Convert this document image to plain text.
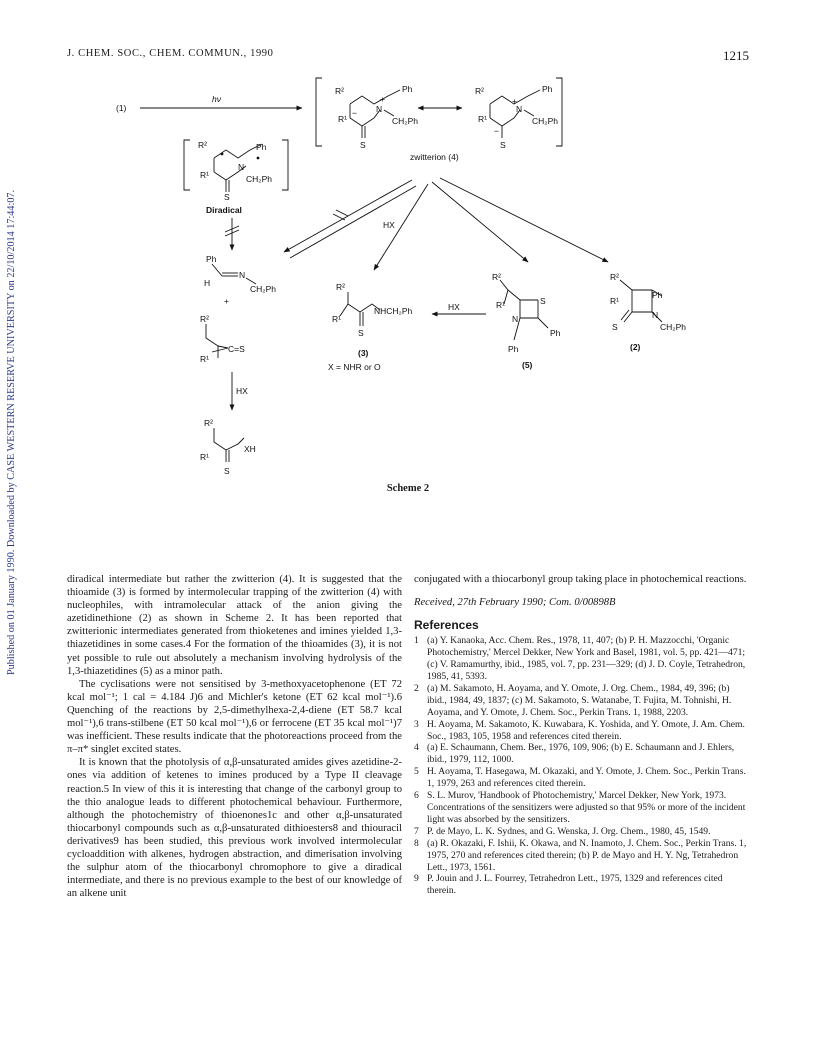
J. CHEM. SOC., CHEM. COMMUN., 1990	1215
Published on 01 January 1990. Downloaded by CASE WESTERN RESERVE UNIVERSITY on 22/10/2014 17:44:07.
(1)
hν
R²
R¹
Ph
N
+
CH₂Ph
S
−
R²
R¹
Ph
N
+
CH₂Ph
S
−
zwitterion (4)
R²
R¹
Ph
N
CH₂Ph
S
Diradical
Ph
H
N
CH₂Ph
+
R²
R¹
C=S
HX
R²
R¹
XH
S
HX
R²
R¹
NHCH₂Ph
S
(3)
X = NHR or O
HX
R²
R¹	S
N
Ph
Ph
(5)
R²
R¹
Ph
N
CH₂Ph
S
(2)
Scheme 2

diradical intermediate but rather the zwitterion (4). It is suggested that the thioamide (3) is formed by intermolecular trapping of the zwitterion (4) with nucleophiles, with intramolecular attack of the anion giving the azetidinethione (2) as shown in Scheme 2. It has been reported that zwitterionic intermediates generated from thioketenes and imines yielded 1,3-thiazetidines in some cases.4 For the formation of the thioamides (3), it is not yet possible to rule out absolutely a mechanism involving hydrolysis of the 1,3-thiazetidines (5) as a minor path.

The cyclisations were not sensitised by 3-methoxyacetophenone (ET 72 kcal mol⁻¹; 1 cal = 4.184 J)6 and Michler's ketone (ET 62 kcal mol⁻¹).6 Quenching of the reactions by 2,5-dimethylhexa-2,4-diene (ET 58.7 kcal mol⁻¹),6 trans-stilbene (ET 50 kcal mol⁻¹),6 or ferrocene (ET 35 kcal mol⁻¹)7 was inefficient. These results indicate that the photoreactions proceed from the π–π* singlet excited states.

It is known that the photolysis of α,β-unsaturated amides gives azetidine-2-ones via addition of ketenes to imines produced by a Type II cleavage reaction.5 In view of this it is interesting that change of the carbonyl group to the thio analogue leads to different photochemical behaviour. Furthermore, although the photochemistry of thioenones1c and other α,β-unsaturated thiocarbonyl compounds such as α,β-unsaturated dithioesters8 and thiouracil derivatives9 has been studied, this previous work involved intermolecular cycloaddition with alkenes, hydrogen abstraction, and dimerisation involving the sulphur atom of the thiocarbonyl chromophore to give a diradical intermediate, and there is no previous example to the best of our knowledge of an alkene unit

conjugated with a thiocarbonyl group taking place in photochemical reactions.

Received, 27th February 1990; Com. 0/00898B

References

1 (a) Y. Kanaoka, Acc. Chem. Res., 1978, 11, 407; (b) P. H. Mazzocchi, 'Organic Photochemistry,' Mercel Dekker, New York and Basel, 1981, vol. 5, pp. 421—471; (c) V. Ramamurthy, ibid., 1985, vol. 7, pp. 231—329; (d) J. D. Coyle, Tetrahedron, 1985, 41, 5393.

2 (a) M. Sakamoto, H. Aoyama, and Y. Omote, J. Org. Chem., 1984, 49, 396; (b) ibid., 1984, 49, 1837; (c) M. Sakamoto, S. Watanabe, T. Fujita, M. Tohnishi, H. Aoyama, and Y. Omote, J. Chem. Soc., Perkin Trans. 1, 1988, 2203.

3 H. Aoyama, M. Sakamoto, K. Kuwabara, K. Yoshida, and Y. Omote, J. Am. Chem. Soc., 1983, 105, 1958 and references cited therein.

4 (a) E. Schaumann, Chem. Ber., 1976, 109, 906; (b) E. Schaumann and J. Ehlers, ibid., 1979, 112, 1000.

5 H. Aoyama, T. Hasegawa, M. Okazaki, and Y. Omote, J. Chem. Soc., Perkin Trans. 1, 1979, 263 and references cited therein.

6 S. L. Murov, 'Handbook of Photochemistry,' Marcel Dekker, New York, 1973. Concentrations of the sensitizers were adjusted so that 95% or more of the incident light was absorbed by the sensitizers.

7 P. de Mayo, L. K. Sydnes, and G. Wenska, J. Org. Chem., 1980, 45, 1549.

8 (a) R. Okazaki, F. Ishii, K. Okawa, and N. Inamoto, J. Chem. Soc., Perkin Trans. 1, 1975, 270 and references cited therein; (b) P. de Mayo and H. Y. Ng, Tetrahedron Lett., 1973, 1561.

9 P. Jouin and J. L. Fourrey, Tetrahedron Lett., 1975, 1329 and references cited therein.
